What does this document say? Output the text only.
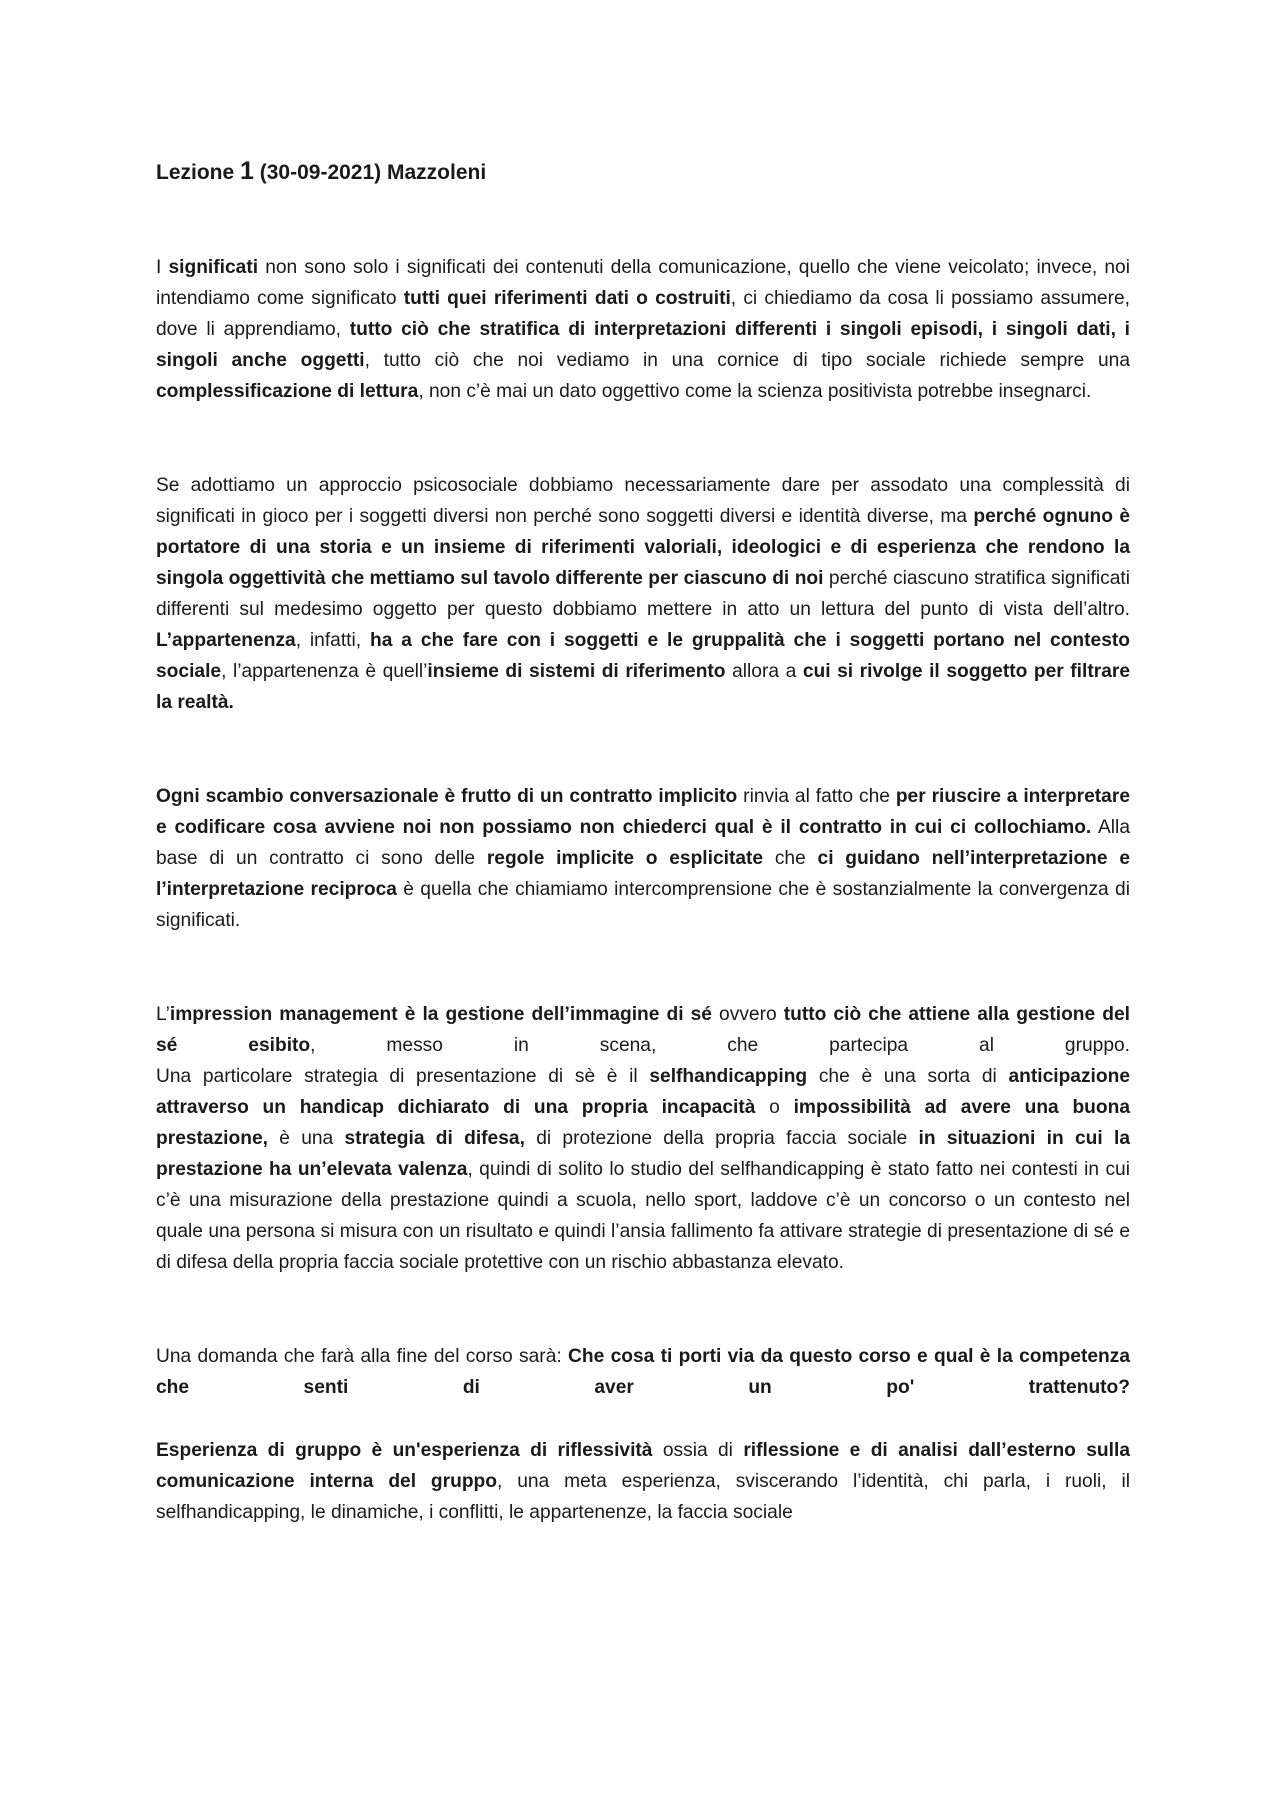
Lezione 1 (30-09-2021) Mazzoleni

I significati non sono solo i significati dei contenuti della comunicazione, quello che viene veicolato; invece, noi intendiamo come significato tutti quei riferimenti dati o costruiti, ci chiediamo da cosa li possiamo assumere, dove li apprendiamo, tutto ciò che stratifica di interpretazioni differenti i singoli episodi, i singoli dati, i singoli anche oggetti, tutto ciò che noi vediamo in una cornice di tipo sociale richiede sempre una complessificazione di lettura, non c’è mai un dato oggettivo come la scienza positivista potrebbe insegnarci.

Se adottiamo un approccio psicosociale dobbiamo necessariamente dare per assodato una complessità di significati in gioco per i soggetti diversi non perché sono soggetti diversi e identità diverse, ma perché ognuno è portatore di una storia e un insieme di riferimenti valoriali, ideologici e di esperienza che rendono la singola oggettività che mettiamo sul tavolo differente per ciascuno di noi perché ciascuno stratifica significati differenti sul medesimo oggetto per questo dobbiamo mettere in atto un lettura del punto di vista dell’altro. L’appartenenza, infatti, ha a che fare con i soggetti e le gruppalità che i soggetti portano nel contesto sociale, l’appartenenza è quell’insieme di sistemi di riferimento allora a cui si rivolge il soggetto per filtrare la realtà.

Ogni scambio conversazionale è frutto di un contratto implicito rinvia al fatto che per riuscire a interpretare e codificare cosa avviene noi non possiamo non chiederci qual è il contratto in cui ci collochiamo. Alla base di un contratto ci sono delle regole implicite o esplicitate che ci guidano nell’interpretazione e l’interpretazione reciproca è quella che chiamiamo intercomprensione che è sostanzialmente la convergenza di significati.

L’impression management è la gestione dell’immagine di sé ovvero tutto ciò che attiene alla gestione del sé esibito, messo in scena, che partecipa al gruppo.

Una particolare strategia di presentazione di sè è il selfhandicapping che è una sorta di anticipazione attraverso un handicap dichiarato di una propria incapacità o impossibilità ad avere una buona prestazione, è una strategia di difesa, di protezione della propria faccia sociale in situazioni in cui la prestazione ha un’elevata valenza, quindi di solito lo studio del selfhandicapping è stato fatto nei contesti in cui c’è una misurazione della prestazione quindi a scuola, nello sport, laddove c’è un concorso o un contesto nel quale una persona si misura con un risultato e quindi l’ansia fallimento fa attivare strategie di presentazione di sé e di difesa della propria faccia sociale protettive con un rischio abbastanza elevato.

Una domanda che farà alla fine del corso sarà: Che cosa ti porti via da questo corso e qual è la competenza che senti di aver un po' trattenuto?

Esperienza di gruppo è un'esperienza di riflessività ossia di riflessione e di analisi dall’esterno sulla comunicazione interna del gruppo, una meta esperienza, sviscerando l’identità, chi parla, i ruoli, il selfhandicapping, le dinamiche, i conflitti, le appartenenze, la faccia sociale
